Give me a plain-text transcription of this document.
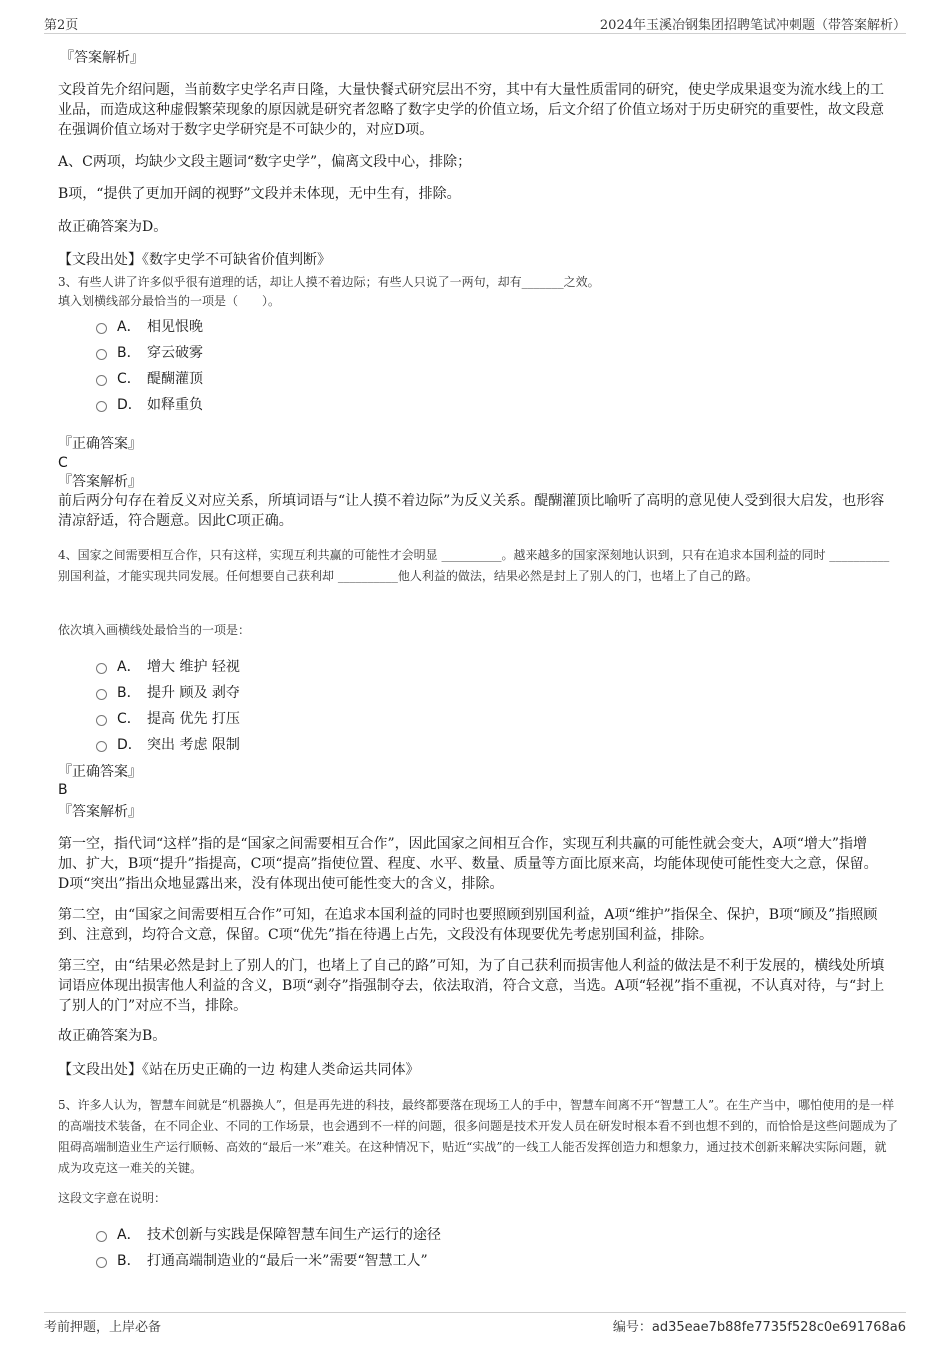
第2页	2024年玉溪冶钢集团招聘笔试冲刺题（带答案解析）
『答案解析』
文段首先介绍问题，当前数字史学名声日隆，大量快餐式研究层出不穷，其中有大量性质雷同的研究，使史学成果退变为流水线上的工业品，而造成这种虚假繁荣现象的原因就是研究者忽略了数字史学的价值立场，后文介绍了价值立场对于历史研究的重要性，故文段意在强调价值立场对于数字史学研究是不可缺少的，对应D项。
A、C两项，均缺少文段主题词“数字史学”，偏离文段中心，排除；
B项，“提供了更加开阔的视野”文段并未体现，无中生有，排除。
故正确答案为D。
【文段出处】《数字史学不可缺省价值判断》
3、有些人讲了许多似乎很有道理的话，却让人摸不着边际；有些人只说了一两句，却有_______之效。
填入划横线部分最恰当的一项是（　　）。
A． 相见恨晚
B． 穿云破雾
C． 醍醐灌顶
D． 如释重负
『正确答案』
C
『答案解析』
前后两分句存在着反义对应关系，所填词语与“让人摸不着边际”为反义关系。醍醐灌顶比喻听了高明的意见使人受到很大启发，也形容清凉舒适，符合题意。因此C项正确。
4、国家之间需要相互合作，只有这样，实现互利共赢的可能性才会明显 __________。越来越多的国家深刻地认识到，只有在追求本国利益的同时 __________别国利益，才能实现共同发展。任何想要自己获利却 __________他人利益的做法，结果必然是封上了别人的门，也堵上了自己的路。
依次填入画横线处最恰当的一项是：
A． 增大 维护 轻视
B． 提升 顾及 剥夺
C． 提高 优先 打压
D． 突出 考虑 限制
『正确答案』
B
『答案解析』
第一空，指代词“这样”指的是“国家之间需要相互合作”，因此国家之间相互合作，实现互利共赢的可能性就会变大，A项“增大”指增加、扩大，B项“提升”指提高，C项“提高”指使位置、程度、水平、数量、质量等方面比原来高，均能体现使可能性变大之意，保留。D项“突出”指出众地显露出来，没有体现出使可能性变大的含义，排除。
第二空，由“国家之间需要相互合作”可知，在追求本国利益的同时也要照顾到别国利益，A项“维护”指保全、保护，B项“顾及”指照顾到、注意到，均符合文意，保留。C项“优先”指在待遇上占先，文段没有体现要优先考虑别国利益，排除。
第三空，由“结果必然是封上了别人的门，也堵上了自己的路”可知，为了自己获利而损害他人利益的做法是不利于发展的，横线处所填词语应体现出损害他人利益的含义，B项“剥夺”指强制夺去，依法取消，符合文意，当选。A项“轻视”指不重视，不认真对待，与“封上了别人的门”对应不当，排除。
故正确答案为B。
【文段出处】《站在历史正确的一边 构建人类命运共同体》
5、许多人认为，智慧车间就是“机器换人”，但是再先进的科技，最终都要落在现场工人的手中，智慧车间离不开“智慧工人”。在生产当中，哪怕使用的是一样的高端技术装备，在不同企业、不同的工作场景，也会遇到不一样的问题，很多问题是技术开发人员在研发时根本看不到也想不到的，而恰恰是这些问题成为了阻碍高端制造业生产运行顺畅、高效的“最后一米”难关。在这种情况下，贴近“实战”的一线工人能否发挥创造力和想象力，通过技术创新来解决实际问题，就成为攻克这一难关的关键。
这段文字意在说明：
A． 技术创新与实践是保障智慧车间生产运行的途径
B． 打通高端制造业的“最后一米”需要“智慧工人”
考前押题，上岸必备	编号：ad35eae7b88fe7735f528c0e691768a6
